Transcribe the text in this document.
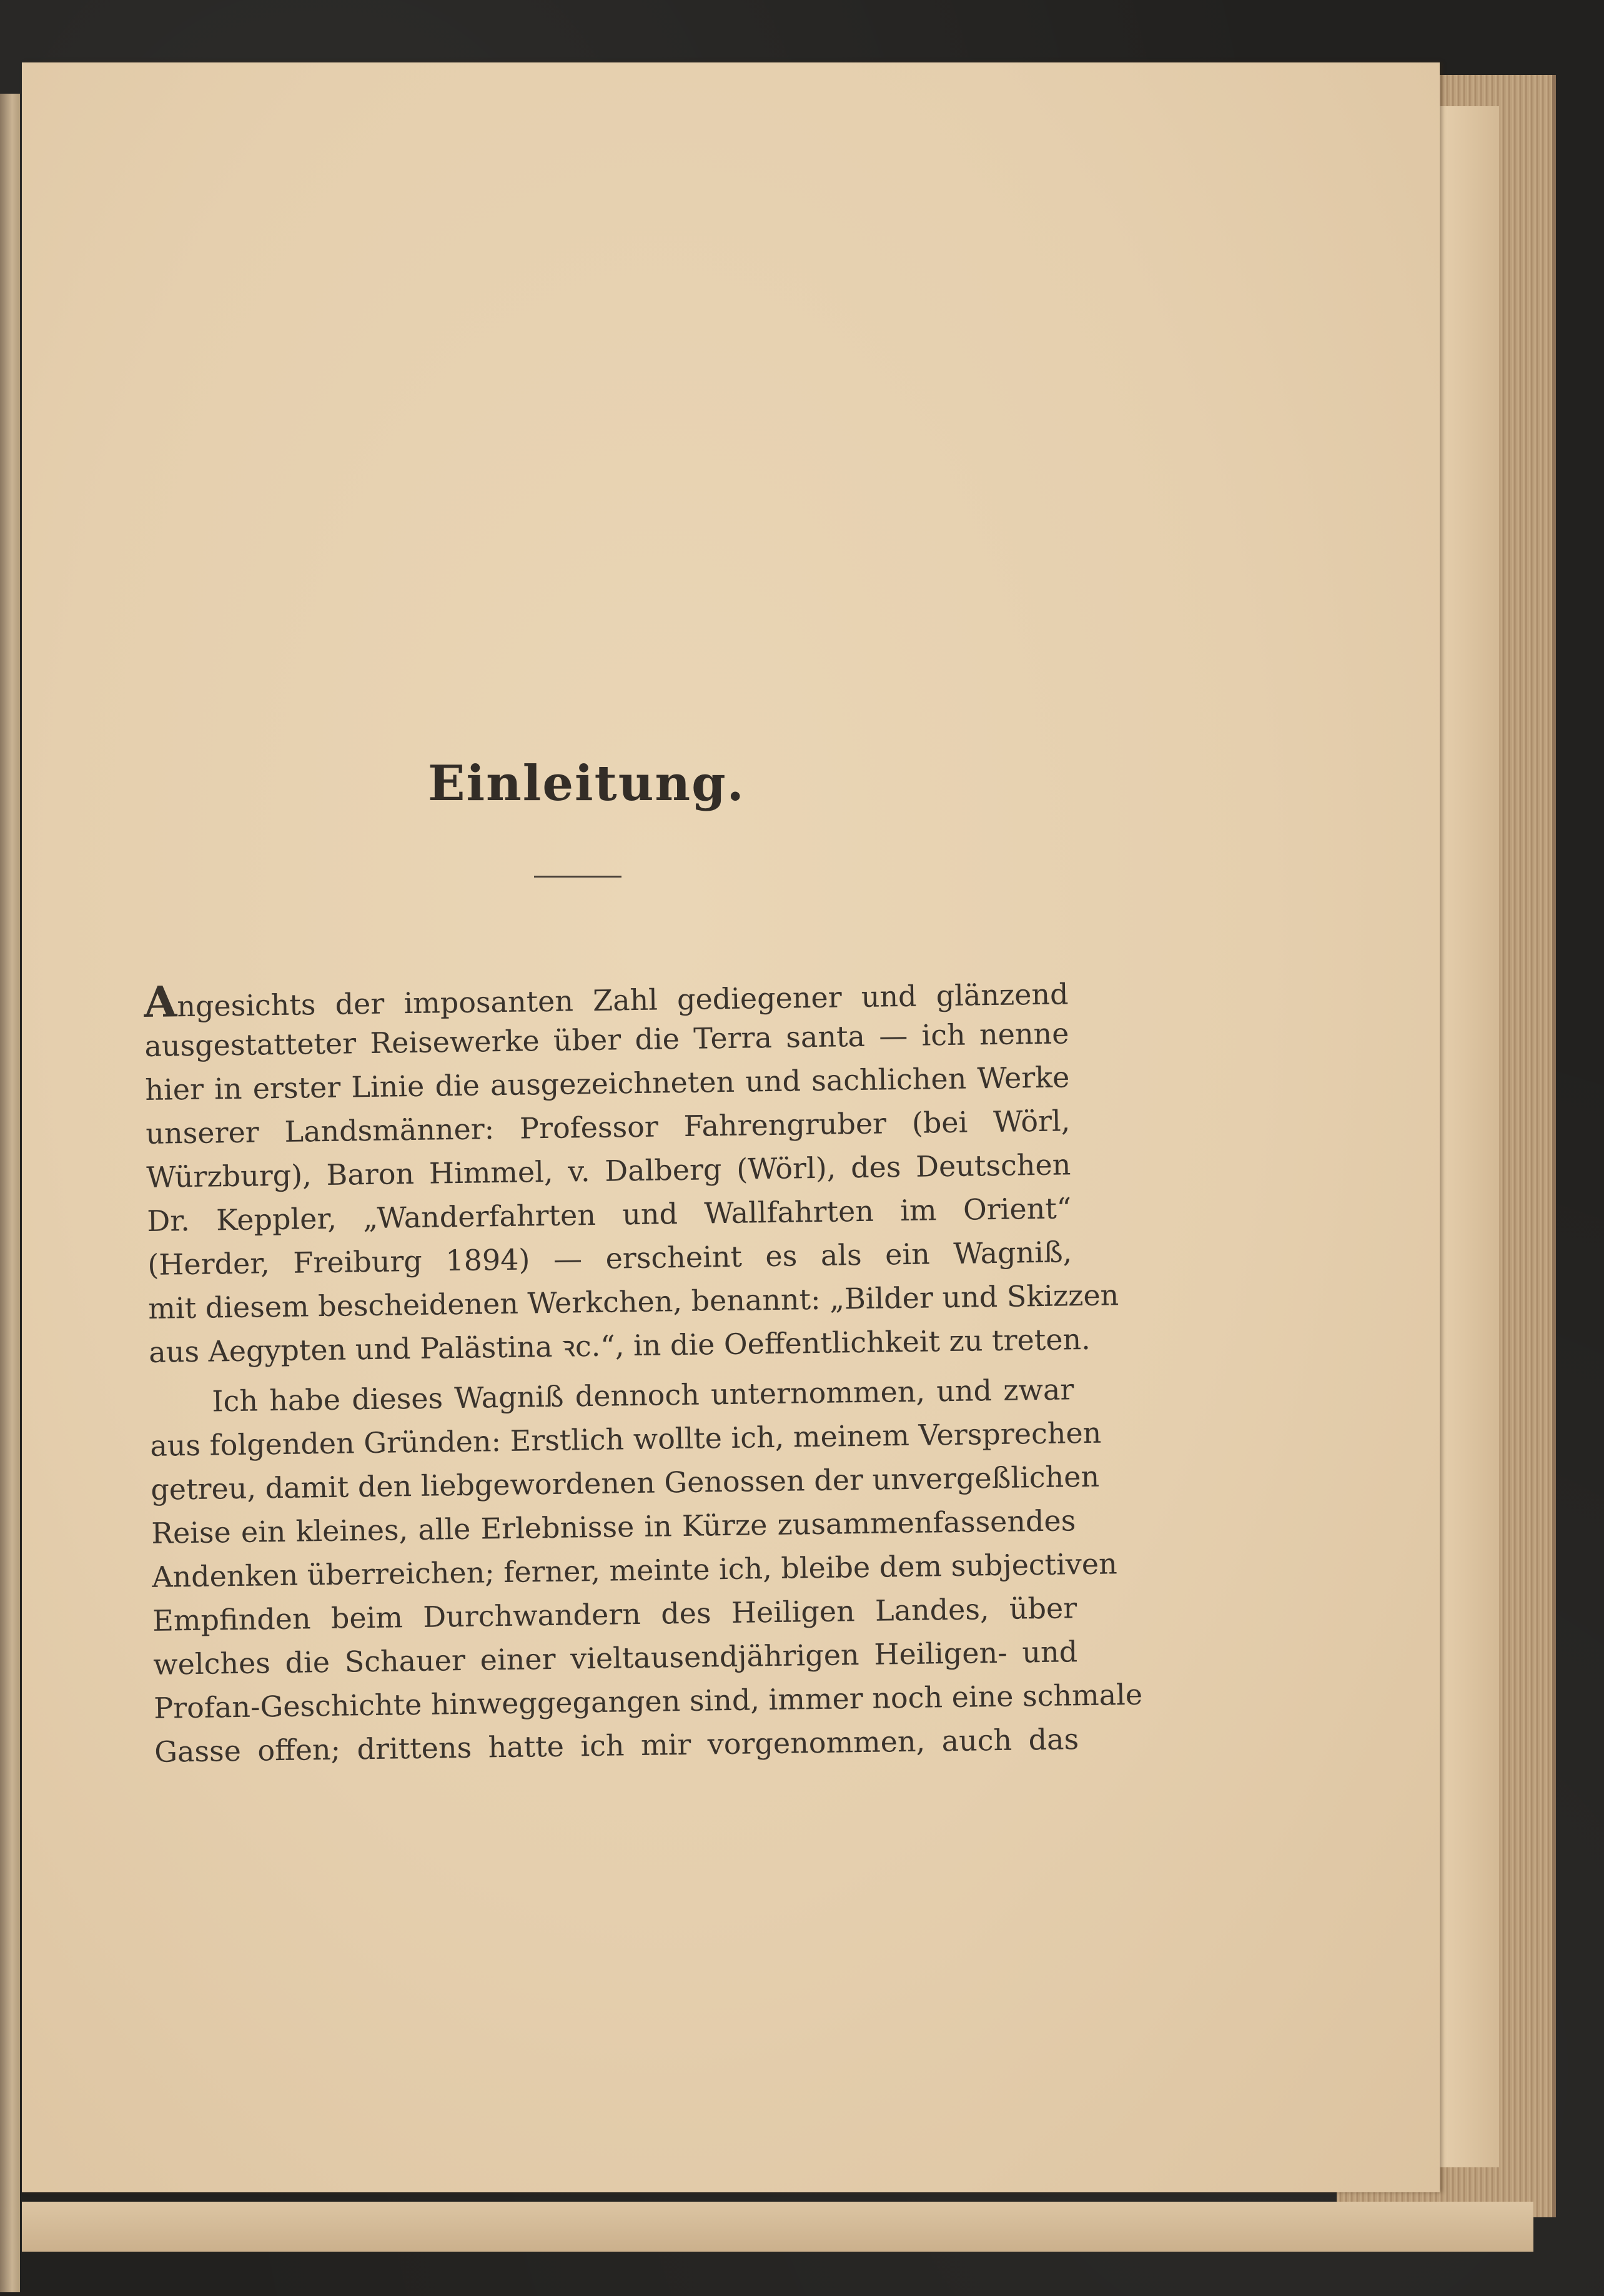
Einleitung.
Angesichts der imposanten Zahl gediegener und glänzend
ausgestatteter Reisewerke über die Terra santa — ich nenne
hier in erster Linie die ausgezeichneten und sachlichen Werke
unserer Landsmänner: Professor Fahrengruber (bei Wörl,
Würzburg), Baron Himmel, v. Dalberg (Wörl), des Deutschen
Dr. Keppler, „Wanderfahrten und Wallfahrten im Orient“
(Herder, Freiburg 1894) — erscheint es als ein Wagniß,
mit diesem bescheidenen Werkchen, benannt: „Bilder und Skizzen
aus Aegypten und Palästina ꝛc.“, in die Oeffentlichkeit zu treten.
Ich habe dieses Wagniß dennoch unternommen, und zwar
aus folgenden Gründen: Erstlich wollte ich, meinem Versprechen
getreu, damit den liebgewordenen Genossen der unvergeßlichen
Reise ein kleines, alle Erlebnisse in Kürze zusammenfassendes
Andenken überreichen; ferner, meinte ich, bleibe dem subjectiven
Empfinden beim Durchwandern des Heiligen Landes, über
welches die Schauer einer vieltausendjährigen Heiligen- und
Profan-Geschichte hinweggegangen sind, immer noch eine schmale
Gasse offen; drittens hatte ich mir vorgenommen, auch das
